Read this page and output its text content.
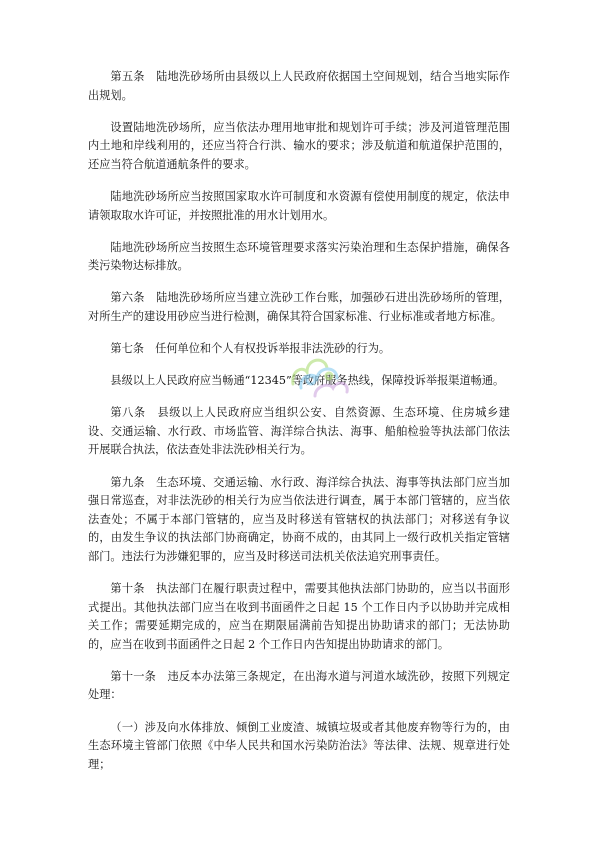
第五条　陆地洗砂场所由县级以上人民政府依据国土空间规划，结合当地实际作出规划。

设置陆地洗砂场所，应当依法办理用地审批和规划许可手续；涉及河道管理范围内土地和岸线利用的，还应当符合行洪、输水的要求；涉及航道和航道保护范围的，还应当符合航道通航条件的要求。

陆地洗砂场所应当按照国家取水许可制度和水资源有偿使用制度的规定，依法申请领取取水许可证，并按照批准的用水计划用水。

陆地洗砂场所应当按照生态环境管理要求落实污染治理和生态保护措施，确保各类污染物达标排放。

第六条　陆地洗砂场所应当建立洗砂工作台账，加强砂石进出洗砂场所的管理，对所生产的建设用砂应当进行检测，确保其符合国家标准、行业标准或者地方标准。

第七条　任何单位和个人有权投诉举报非法洗砂的行为。

县级以上人民政府应当畅通“12345”等政府服务热线，保障投诉举报渠道畅通。

第八条　县级以上人民政府应当组织公安、自然资源、生态环境、住房城乡建设、交通运输、水行政、市场监管、海洋综合执法、海事、船舶检验等执法部门依法开展联合执法，依法查处非法洗砂相关行为。

第九条　生态环境、交通运输、水行政、海洋综合执法、海事等执法部门应当加强日常巡查，对非法洗砂的相关行为应当依法进行调查，属于本部门管辖的，应当依法查处；不属于本部门管辖的，应当及时移送有管辖权的执法部门；对移送有争议的，由发生争议的执法部门协商确定，协商不成的，由其同上一级行政机关指定管辖部门。违法行为涉嫌犯罪的，应当及时移送司法机关依法追究刑事责任。

第十条　执法部门在履行职责过程中，需要其他执法部门协助的，应当以书面形式提出。其他执法部门应当在收到书面函件之日起 15 个工作日内予以协助并完成相关工作；需要延期完成的，应当在期限届满前告知提出协助请求的部门；无法协助的，应当在收到书面函件之日起 2 个工作日内告知提出协助请求的部门。

第十一条　违反本办法第三条规定，在出海水道与河道水域洗砂，按照下列规定处理：

（一）涉及向水体排放、倾倒工业废渣、城镇垃圾或者其他废弃物等行为的，由生态环境主管部门依照《中华人民共和国水污染防治法》等法律、法规、规章进行处理；
